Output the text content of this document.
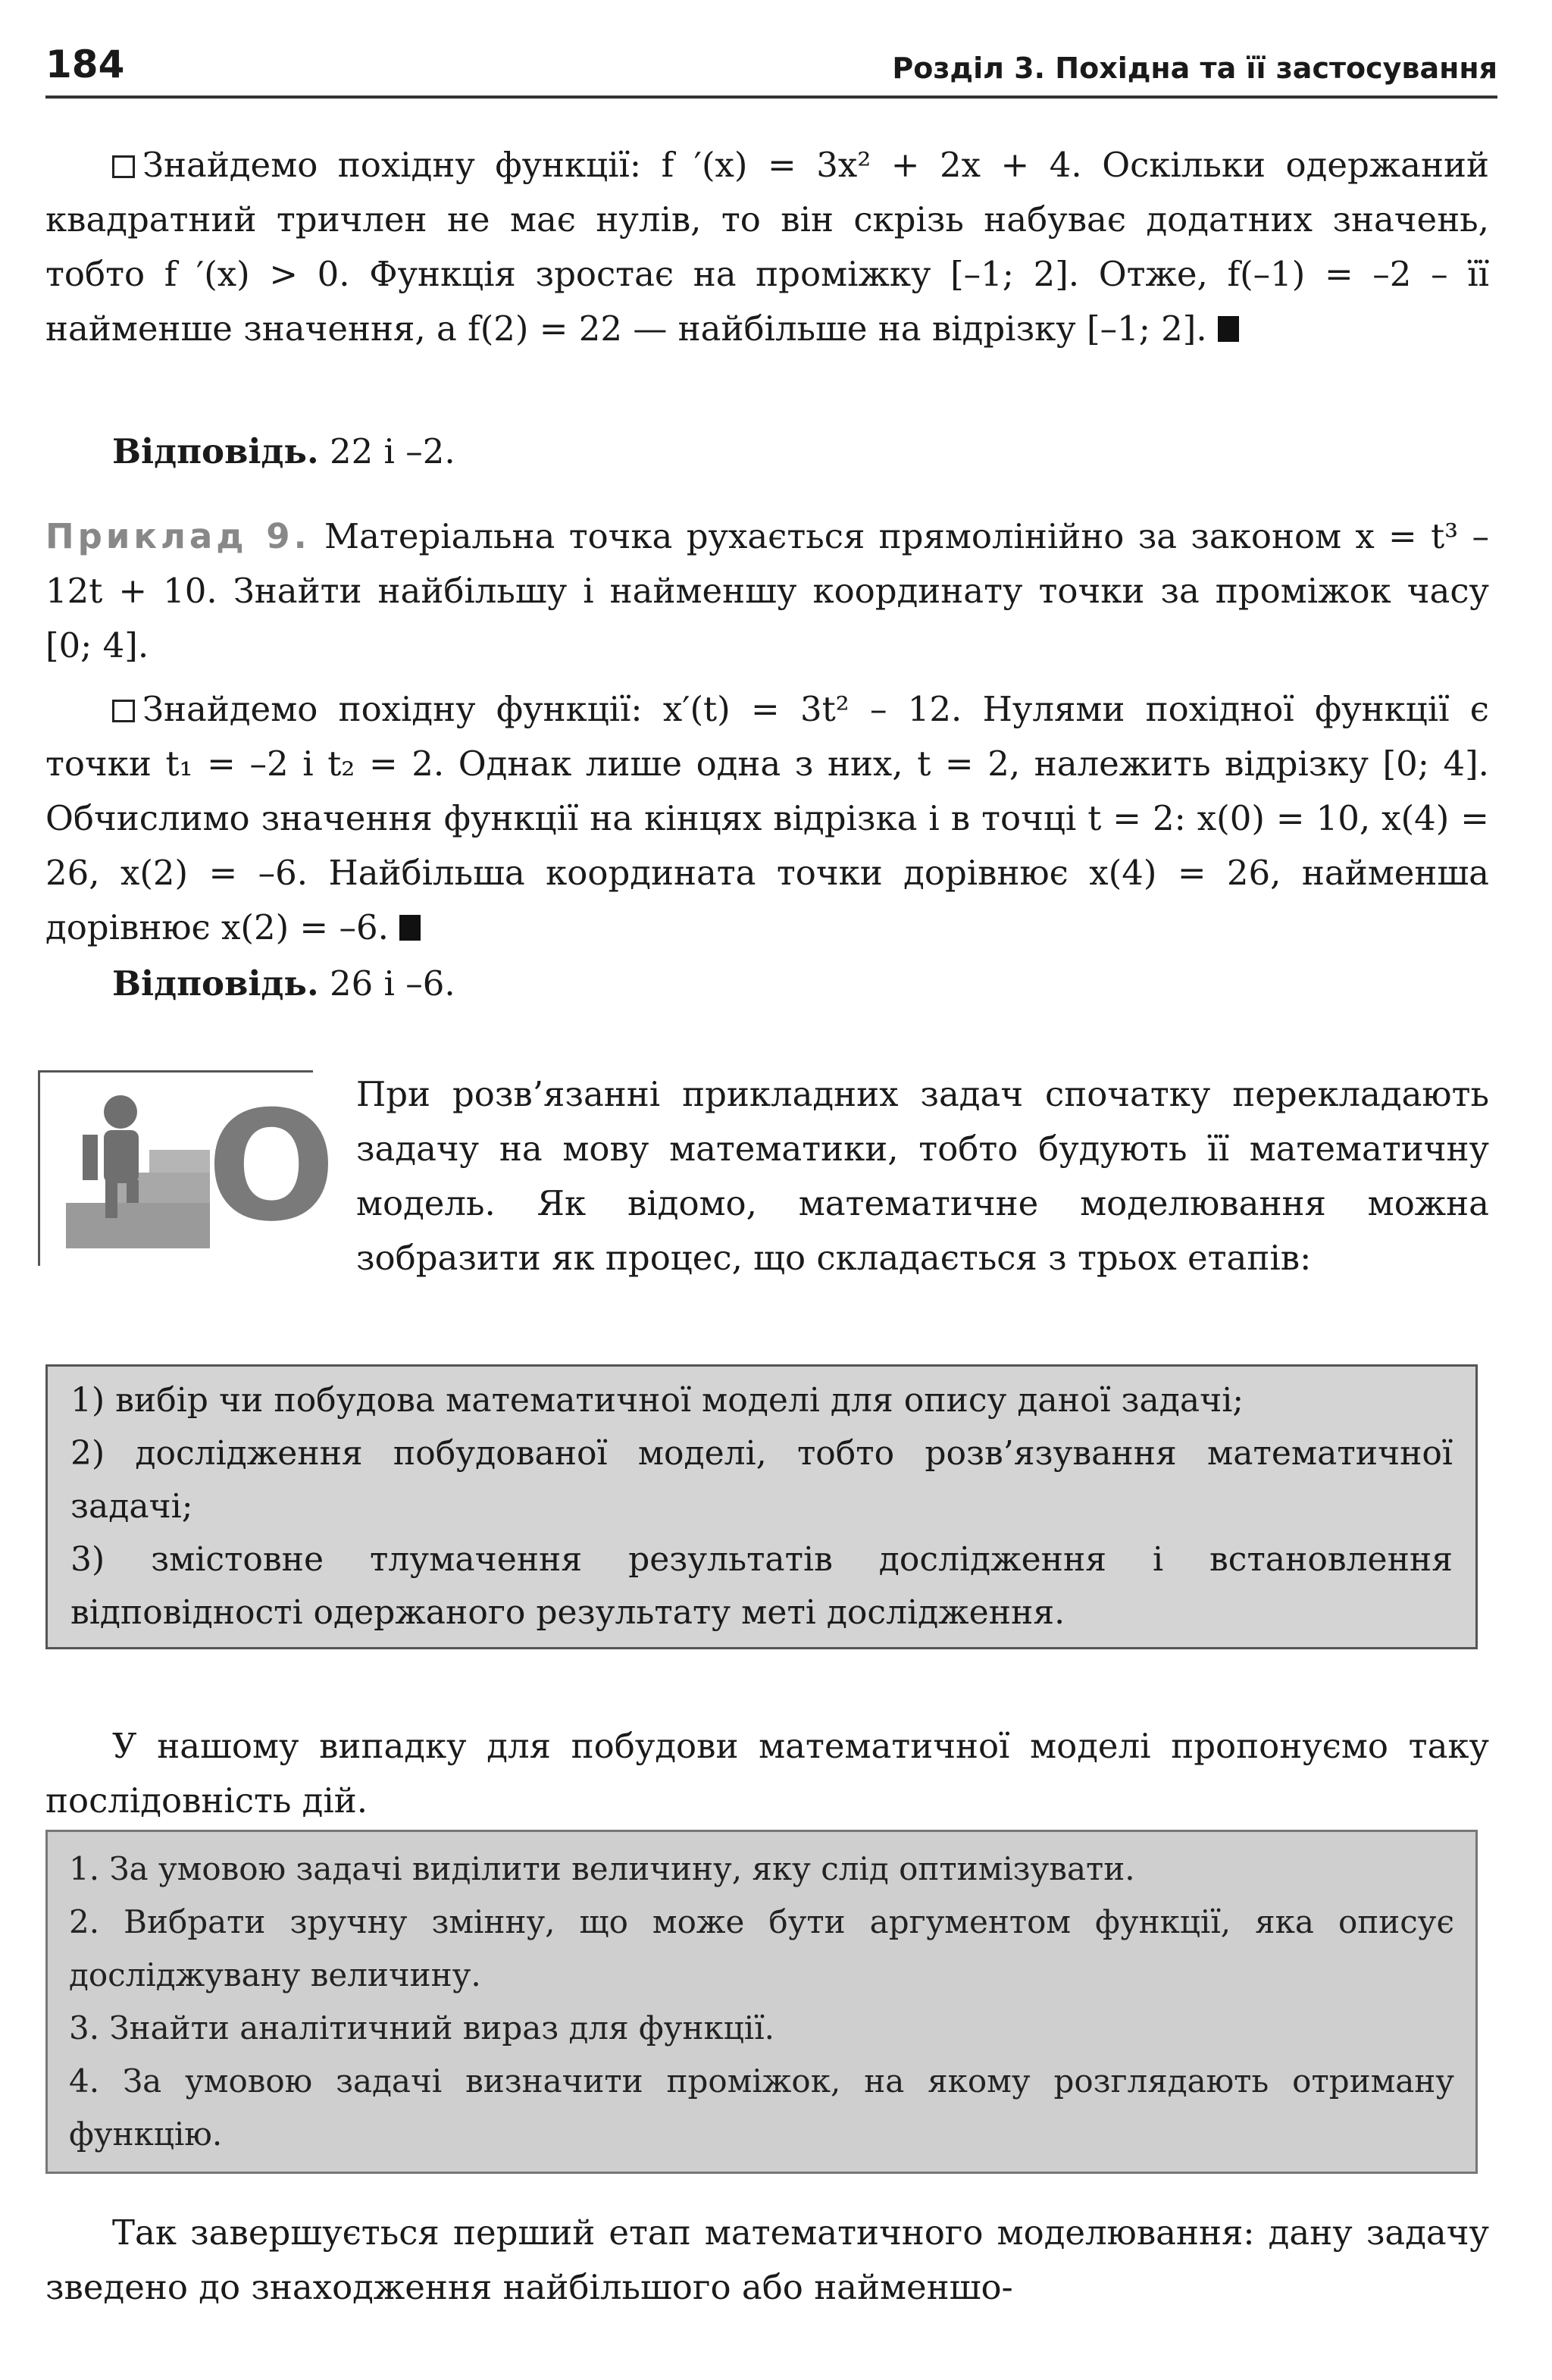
184	Розділ 3. Похідна та її застосування
Знайдемо похідну функції: f ′(x) = 3x² + 2x + 4. Оскільки одержаний квадратний тричлен не має нулів, то він скрізь набуває додатних значень, тобто f ′(x) > 0. Функція зростає на проміжку [–1; 2]. Отже, f(–1) = –2 – її найменше значення, а f(2) = 22 — найбільше на відрізку [–1; 2].
Відповідь. 22 і –2.
Приклад 9. Матеріальна точка рухається прямолінійно за законом x = t³ – 12t + 10. Знайти найбільшу і найменшу координату точки за проміжок часу [0; 4].
Знайдемо похідну функції: x′(t) = 3t² – 12. Нулями похідної функції є точки t₁ = –2 і t₂ = 2. Однак лише одна з них, t = 2, належить відрізку [0; 4]. Обчислимо значення функції на кінцях відрізка і в точці t = 2: x(0) = 10, x(4) = 26, x(2) = –6. Найбільша координата точки дорівнює x(4) = 26, найменша дорівнює x(2) = –6.
Відповідь. 26 і –6.
О При розв’язанні прикладних задач спочатку перекладають задачу на мову математики, тобто будують її математичну модель. Як відомо, математичне моделювання можна зобразити як процес, що складається з трьох етапів:

1) вибір чи побудова математичної моделі для опису даної задачі;

2) дослідження побудованої моделі, тобто розв’язування математичної задачі;

3) змістовне тлумачення результатів дослідження і встановлення відповідності одержаного результату меті дослідження.

У нашому випадку для побудови математичної моделі пропонуємо таку послідовність дій.

1. За умовою задачі виділити величину, яку слід оптимізувати.

2. Вибрати зручну змінну, що може бути аргументом функції, яка описує досліджувану величину.

3. Знайти аналітичний вираз для функції.

4. За умовою задачі визначити проміжок, на якому розглядають отриману функцію.

Так завершується перший етап математичного моделювання: дану задачу зведено до знаходження найбільшого або найменшо-
